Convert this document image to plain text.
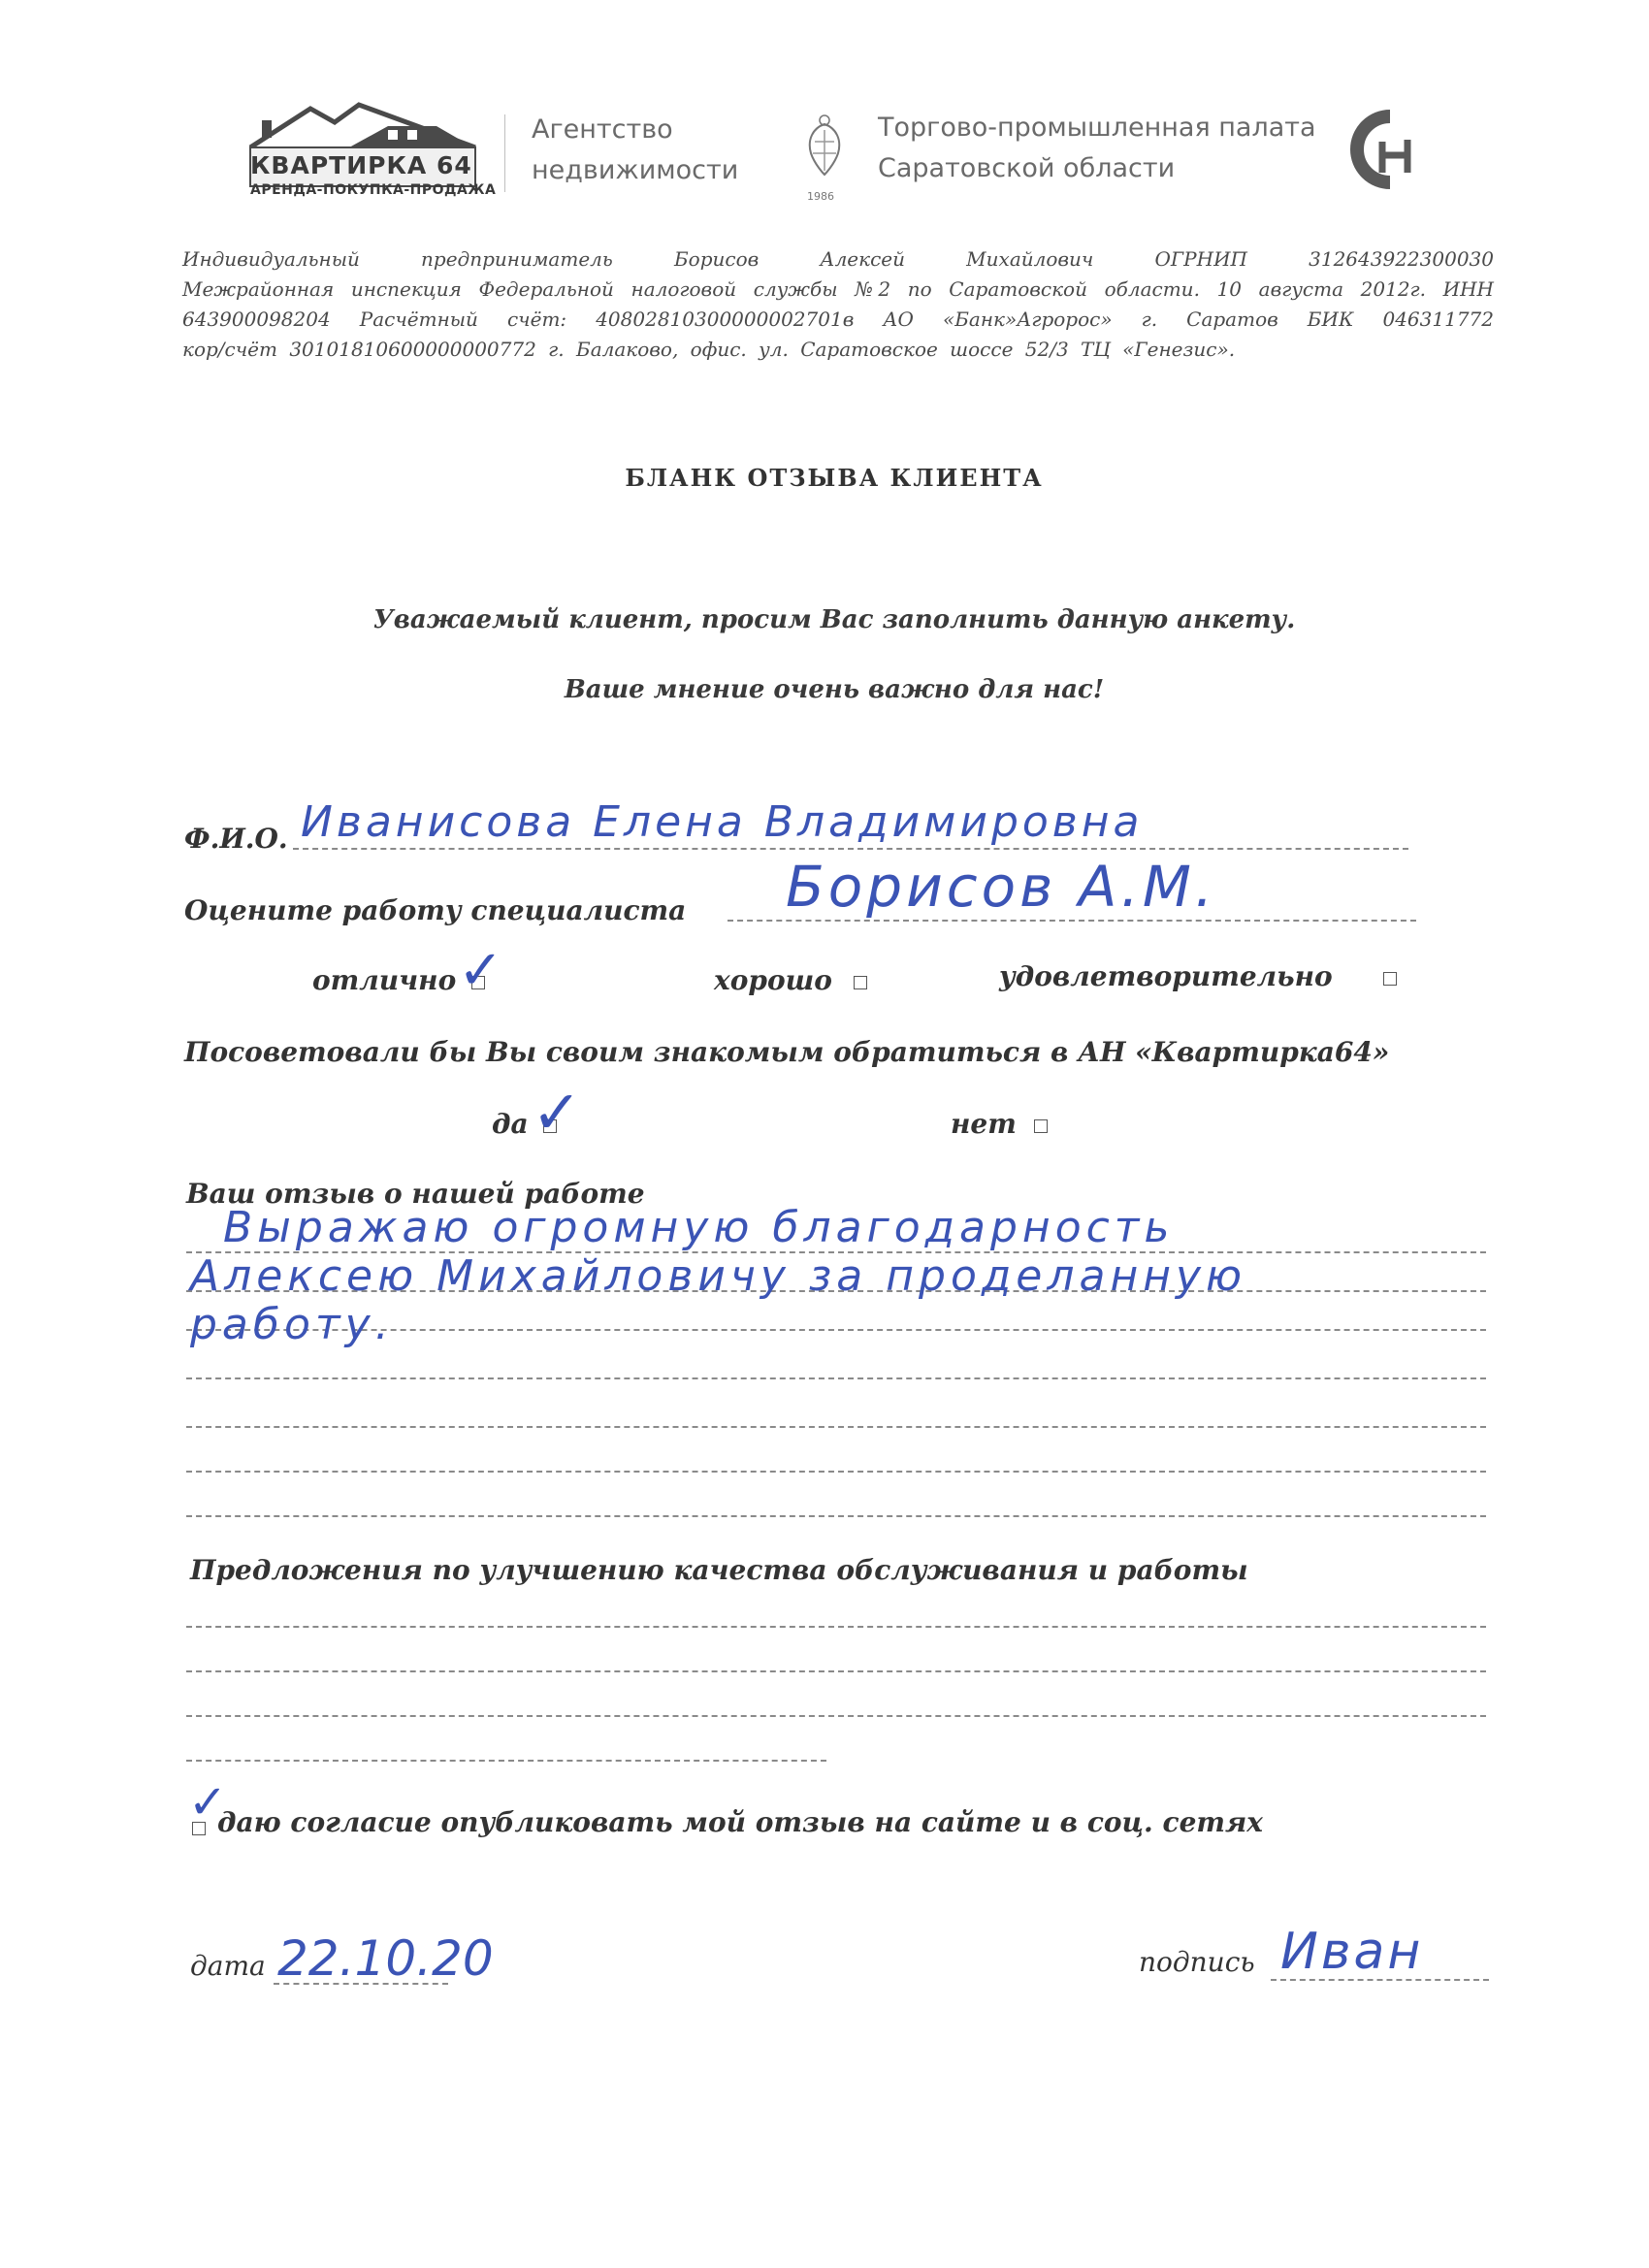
КВАРТИРКА 64
АРЕНДА-ПОКУПКА-ПРОДАЖА
Агентство
недвижимости
1986
Торгово-промышленная палата
Саратовской области
Индивидуальный предприниматель Борисов Алексей Михайлович ОГРНИП 312643922300030
Межрайонная инспекция Федеральной налоговой службы №2 по Саратовской области. 10 августа 2012г. ИНН
643900098204 Расчётный счёт: 40802810300000002701в АО «Банк»Агророс» г. Саратов БИК 046311772
кор/счёт 30101810600000000772 г. Балаково, офис. ул. Саратовское шоссе 52/3 ТЦ «Генезис».
БЛАНК ОТЗЫВА КЛИЕНТА
Уважаемый клиент, просим Вас заполнить данную анкету.
Ваше мнение очень важно для нас!
Ф.И.О. Иванисова Елена Владимировна
Оцените работу специалиста Борисов А.М.
отлично ✓	хорошо	удовлетворительно
Посоветовали бы Вы своим знакомым обратиться в АН «Квартирка64»
да ✓	нет
Ваш отзыв о нашей работе
Выражаю огромную благодарность
Алексею Михайловичу за проделанную
работу.
Предложения по улучшению качества обслуживания и работы
✓
даю согласие опубликовать мой отзыв на сайте и в соц. сетях
дата 22.10.20	подпись Иван
